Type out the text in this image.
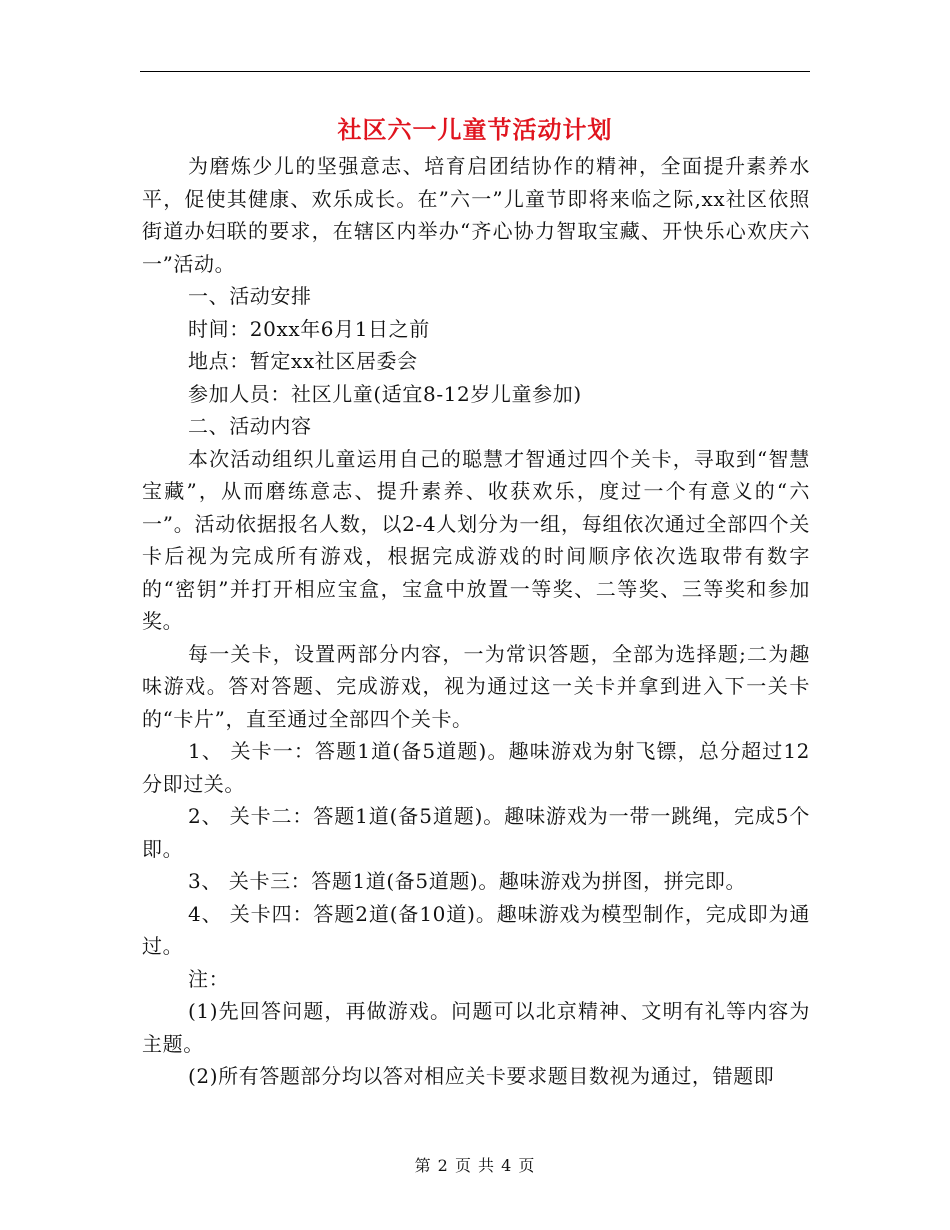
社区六一儿童节活动计划

为磨炼少儿的坚强意志、培育启团结协作的精神，全面提升素养水平，促使其健康、欢乐成长。在”六一”儿童节即将来临之际,xx社区依照街道办妇联的要求，在辖区内举办“齐心协力智取宝藏、开快乐心欢庆六一”活动。

一、活动安排

时间：20xx年6月1日之前

地点：暂定xx社区居委会

参加人员：社区儿童(适宜8-12岁儿童参加)

二、活动内容

本次活动组织儿童运用自己的聪慧才智通过四个关卡，寻取到“智慧宝藏”，从而磨练意志、提升素养、收获欢乐，度过一个有意义的“六一”。活动依据报名人数，以2-4人划分为一组，每组依次通过全部四个关卡后视为完成所有游戏，根据完成游戏的时间顺序依次选取带有数字的“密钥”并打开相应宝盒，宝盒中放置一等奖、二等奖、三等奖和参加奖。

每一关卡，设置两部分内容，一为常识答题，全部为选择题;二为趣味游戏。答对答题、完成游戏，视为通过这一关卡并拿到进入下一关卡的“卡片”，直至通过全部四个关卡。

1、 关卡一：答题1道(备5道题)。趣味游戏为射飞镖，总分超过12分即过关。

2、 关卡二：答题1道(备5道题)。趣味游戏为一带一跳绳，完成5个即。

3、 关卡三：答题1道(备5道题)。趣味游戏为拼图，拼完即。

4、 关卡四：答题2道(备10道)。趣味游戏为模型制作，完成即为通过。

注：

(1)先回答问题，再做游戏。问题可以北京精神、文明有礼等内容为主题。

(2)所有答题部分均以答对相应关卡要求题目数视为通过，错题即

第 2 页 共 4 页
